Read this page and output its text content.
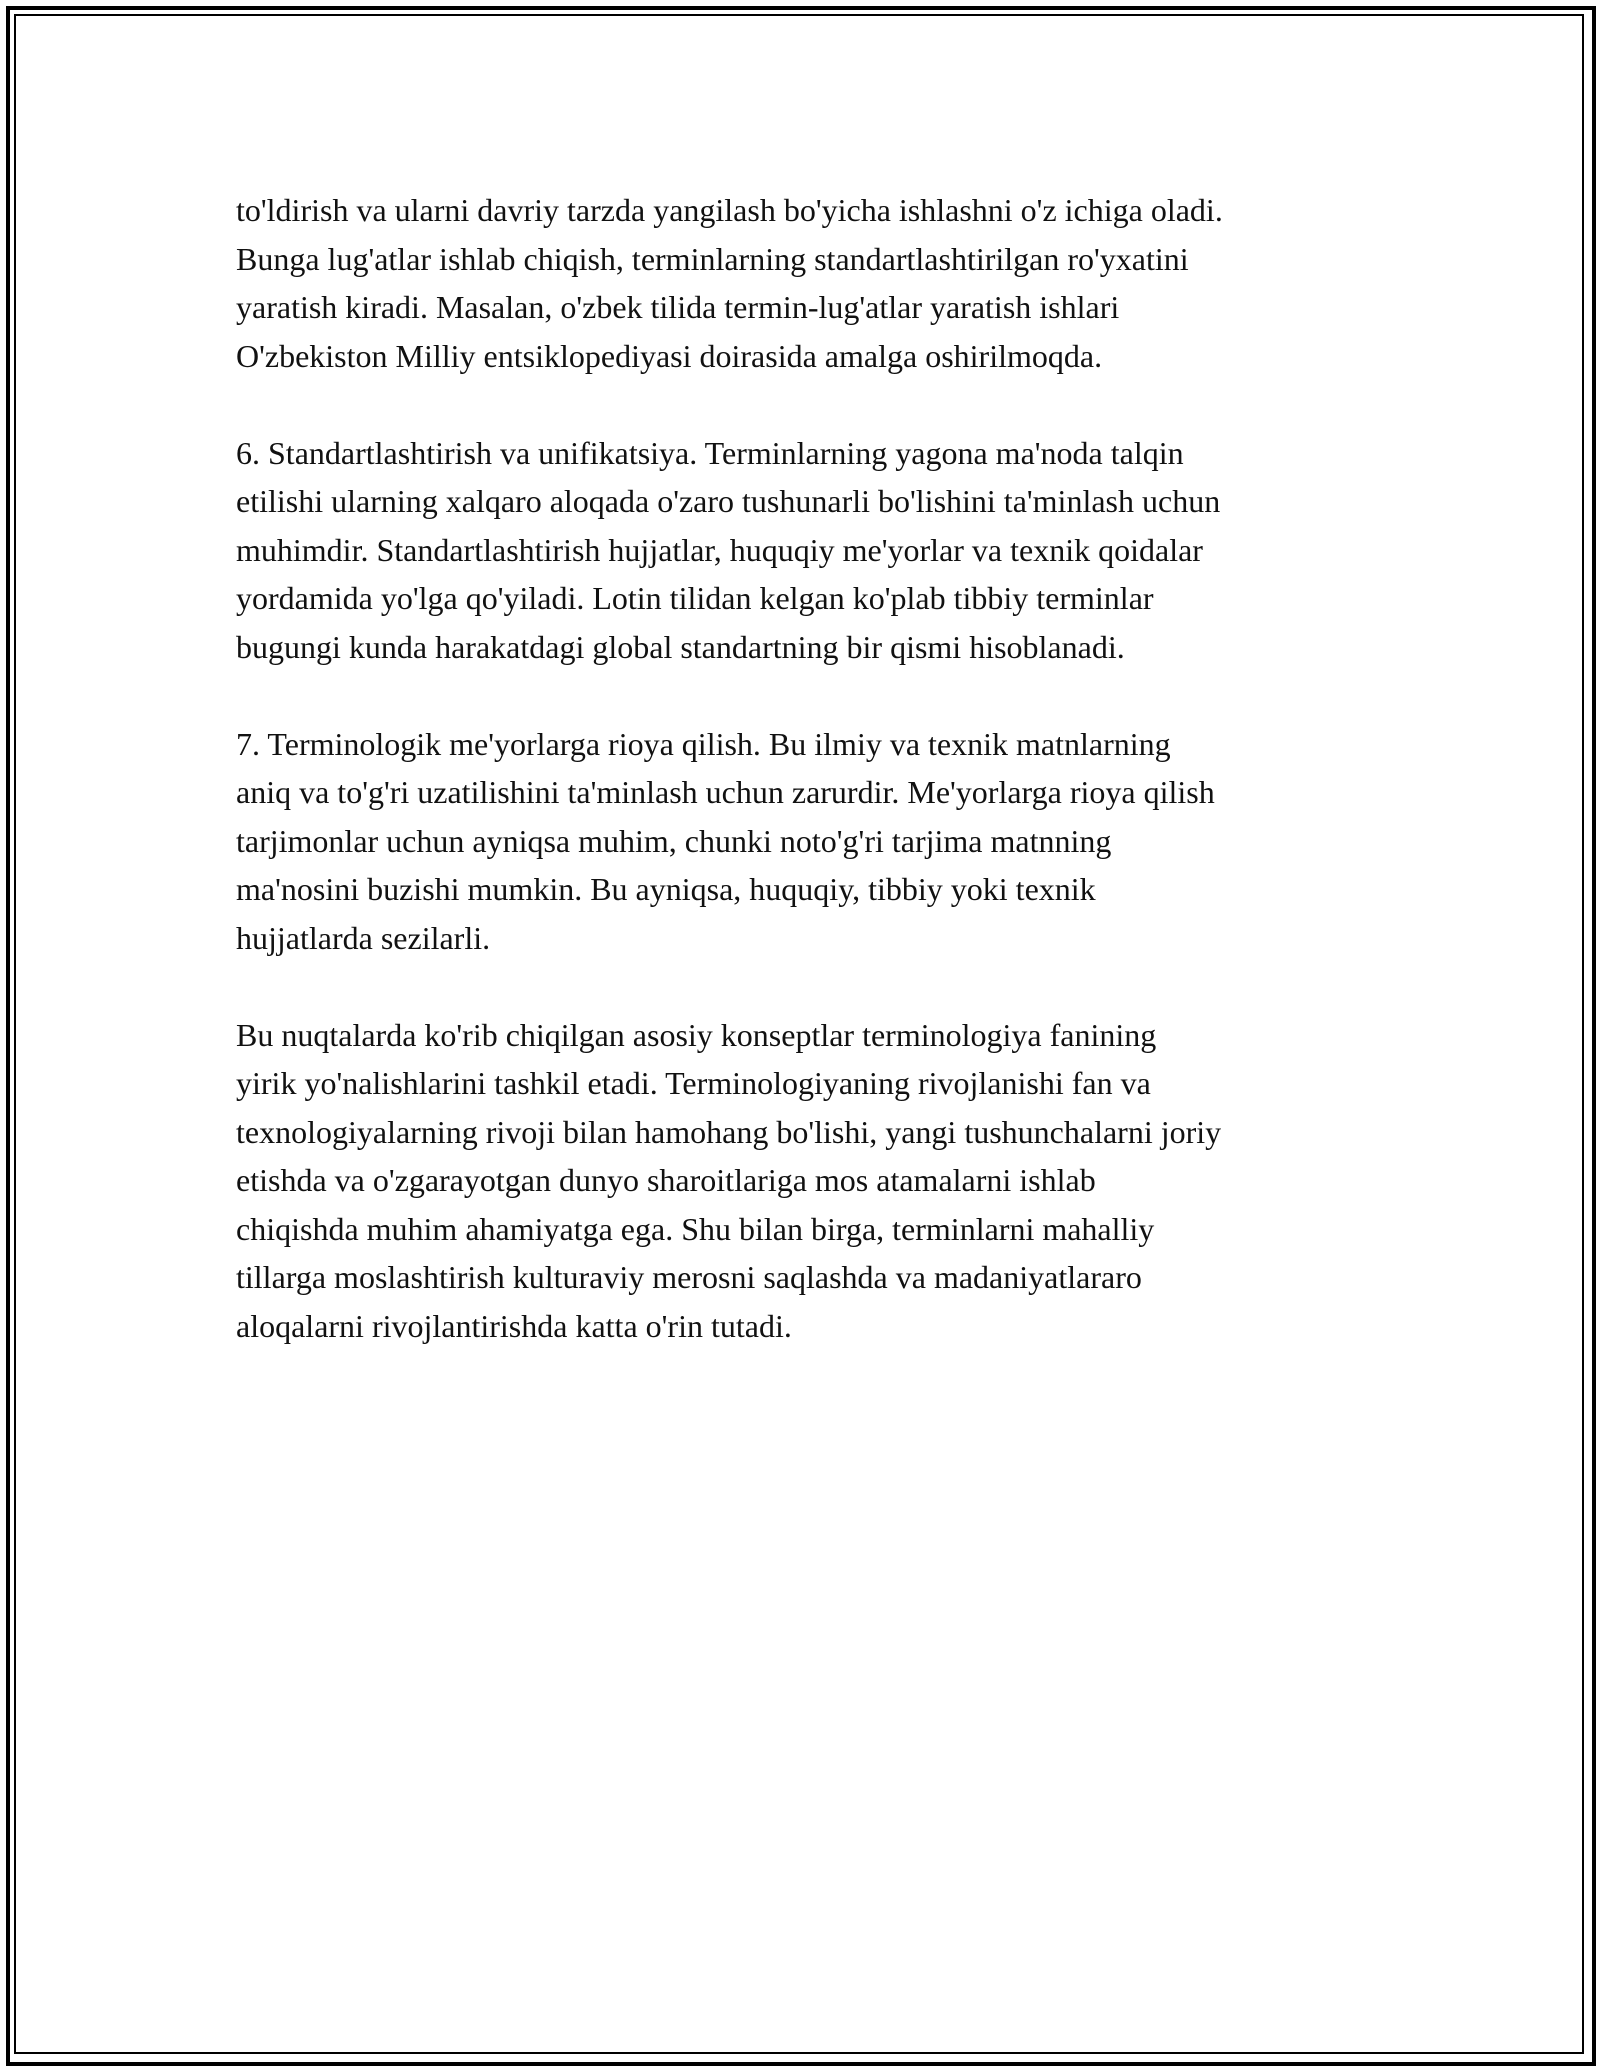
to'ldirish va ularni davriy tarzda yangilash bo'yicha ishlashni o'z ichiga oladi.
Bunga lug'atlar ishlab chiqish, terminlarning standartlashtirilgan ro'yxatini
yaratish kiradi. Masalan, o'zbek tilida termin-lug'atlar yaratish ishlari
O'zbekiston Milliy entsiklopediyasi doirasida amalga oshirilmoqda.

6. Standartlashtirish va unifikatsiya. Terminlarning yagona ma'noda talqin
etilishi ularning xalqaro aloqada o'zaro tushunarli bo'lishini ta'minlash uchun
muhimdir. Standartlashtirish hujjatlar, huquqiy me'yorlar va texnik qoidalar
yordamida yo'lga qo'yiladi. Lotin tilidan kelgan ko'plab tibbiy terminlar
bugungi kunda harakatdagi global standartning bir qismi hisoblanadi.

7. Terminologik me'yorlarga rioya qilish. Bu ilmiy va texnik matnlarning
aniq va to'g'ri uzatilishini ta'minlash uchun zarurdir. Me'yorlarga rioya qilish
tarjimonlar uchun ayniqsa muhim, chunki noto'g'ri tarjima matnning
ma'nosini buzishi mumkin. Bu ayniqsa, huquqiy, tibbiy yoki texnik
hujjatlarda sezilarli.

Bu nuqtalarda ko'rib chiqilgan asosiy konseptlar terminologiya fanining
yirik yo'nalishlarini tashkil etadi. Terminologiyaning rivojlanishi fan va
texnologiyalarning rivoji bilan hamohang bo'lishi, yangi tushunchalarni joriy
etishda va o'zgarayotgan dunyo sharoitlariga mos atamalarni ishlab
chiqishda muhim ahamiyatga ega. Shu bilan birga, terminlarni mahalliy
tillarga moslashtirish kulturaviy merosni saqlashda va madaniyatlararo
aloqalarni rivojlantirishda katta o'rin tutadi.
